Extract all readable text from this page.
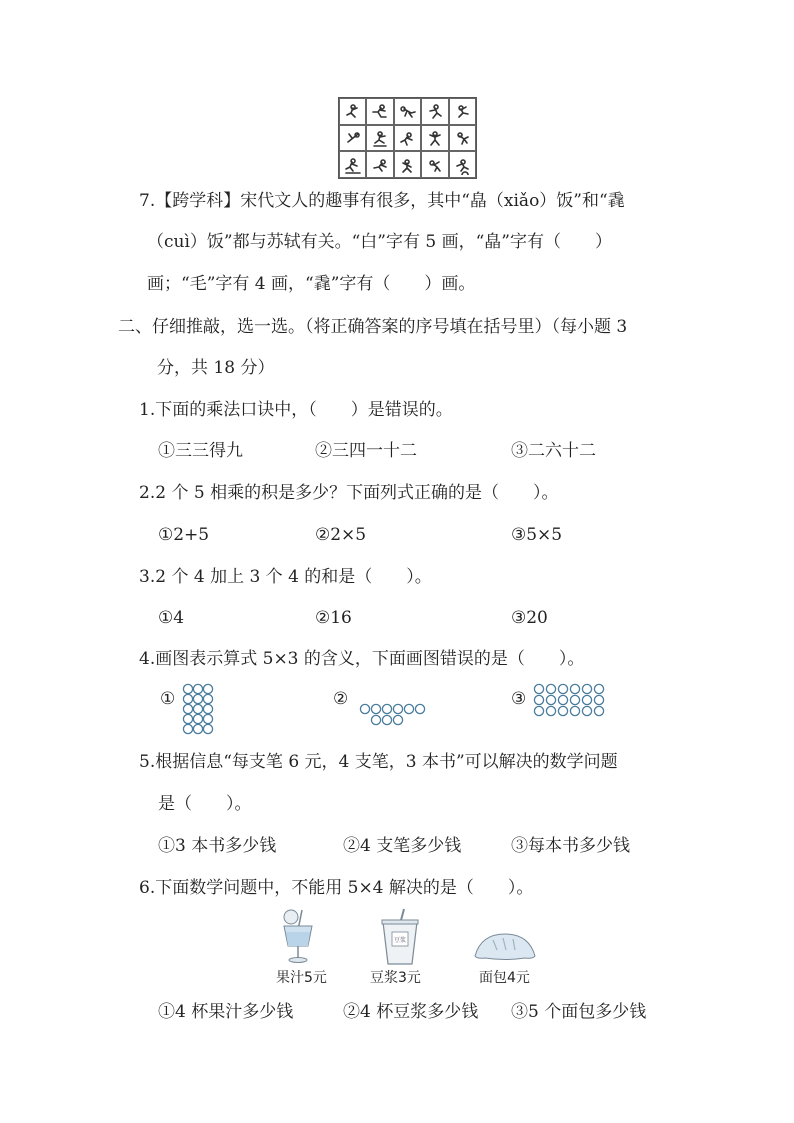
7.【跨学科】宋代文人的趣事有很多，其中“皛（xiǎo）饭”和“毳
（cuì）饭”都与苏轼有关。“白”字有 5 画，“皛”字有（　　）
画；“毛”字有 4 画，“毳”字有（　　）画。
二、仔细推敲，选一选。（将正确答案的序号填在括号里）（每小题 3
分，共 18 分）
1.下面的乘法口诀中，（　　）是错误的。
①三三得九	②三四一十二	③二六十二
2.2 个 5 相乘的积是多少？下面列式正确的是（　　）。
①2+5	②2×5	③5×5
3.2 个 4 加上 3 个 4 的和是（　　）。
①4	②16	③20
4.画图表示算式 5×3 的含义，下面画图错误的是（　　）。
①	②	③
5.根据信息“每支笔 6 元，4 支笔，3 本书”可以解决的数学问题
是（　　）。
①3 本书多少钱	②4 支笔多少钱	③每本书多少钱
6.下面数学问题中，不能用 5×4 解决的是（　　）。
果汁5元
豆浆
豆浆3元	面包4元
①4 杯果汁多少钱	②4 杯豆浆多少钱 ③5 个面包多少钱
